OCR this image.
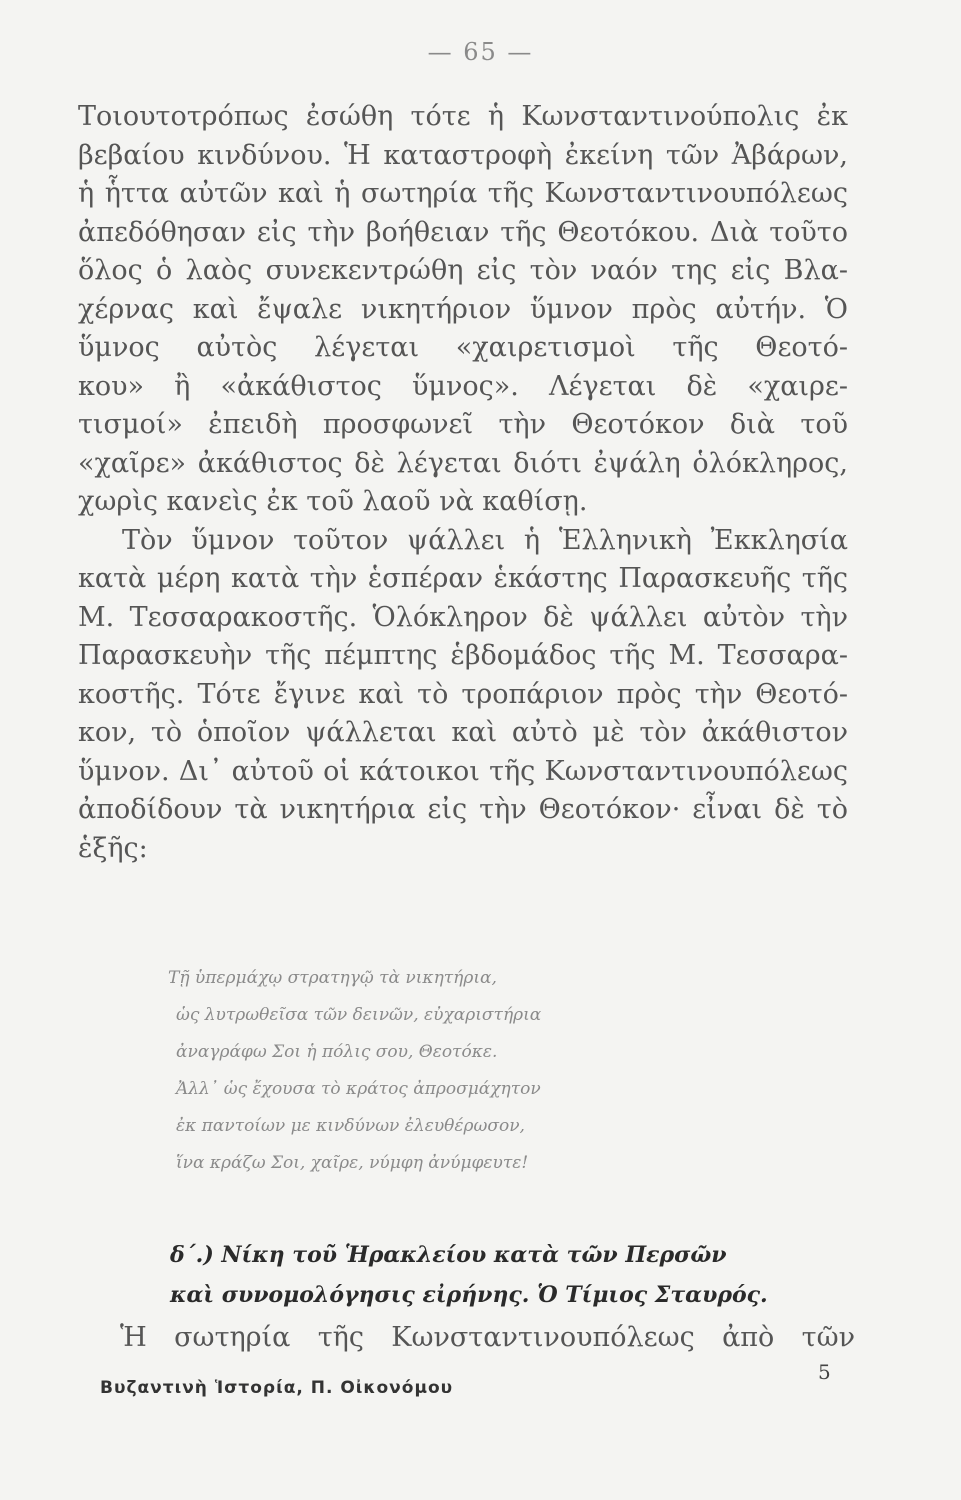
— 65 —
Τοιουτοτρόπως ἐσώθη τότε ἡ Κωνσταντινούπολις ἐκ
βεβαίου κινδύνου. Ἡ καταστροφὴ ἐκείνη τῶν Ἀβάρων,
ἡ ἧττα αὐτῶν καὶ ἡ σωτηρία τῆς Κωνσταντινουπόλεως
ἀπεδόθησαν εἰς τὴν βοήθειαν τῆς Θεοτόκου. Διὰ τοῦτο
ὅλος ὁ λαὸς συνεκεντρώθη εἰς τὸν ναόν της εἰς Βλα-
χέρνας καὶ ἔψαλε νικητήριον ὕμνον πρὸς αὐτήν. Ὁ
ὕμνος αὐτὸς λέγεται «χαιρετισμοὶ τῆς Θεοτό-
κου» ἢ «ἀκάθιστος ὕμνος». Λέγεται δὲ «χαιρε-
τισμοί» ἐπειδὴ προσφωνεῖ τὴν Θεοτόκον διὰ τοῦ
«χαῖρε» ἀκάθιστος δὲ λέγεται διότι ἐψάλη ὁλόκληρος,
χωρὶς κανεὶς ἐκ τοῦ λαοῦ νὰ καθίσῃ.
Τὸν ὕμνον τοῦτον ψάλλει ἡ Ἑλληνικὴ Ἐκκλησία
κατὰ μέρη κατὰ τὴν ἑσπέραν ἑκάστης Παρασκευῆς τῆς
Μ. Τεσσαρακοστῆς. Ὁλόκληρον δὲ ψάλλει αὐτὸν τὴν
Παρασκευὴν τῆς πέμπτης ἑβδομάδος τῆς Μ. Τεσσαρα-
κοστῆς. Τότε ἔγινε καὶ τὸ τροπάριον πρὸς τὴν Θεοτό-
κον, τὸ ὁποῖον ψάλλεται καὶ αὐτὸ μὲ τὸν ἀκάθιστον
ὕμνον. Δι᾽ αὐτοῦ οἱ κάτοικοι τῆς Κωνσταντινουπόλεως
ἀποδίδουν τὰ νικητήρια εἰς τὴν Θεοτόκον· εἶναι δὲ τὸ
ἑξῆς:
Τῇ ὑπερμάχῳ στρατηγῷ τὰ νικητήρια,
ὡς λυτρωθεῖσα τῶν δεινῶν, εὐχαριστήρια
ἀναγράφω Σοι ἡ πόλις σου, Θεοτόκε.
Ἀλλ᾽ ὡς ἔχουσα τὸ κράτος ἀπροσμάχητον
ἐκ παντοίων με κινδύνων ἐλευθέρωσον,
ἵνα κράζω Σοι, χαῖρε, νύμφη ἀνύμφευτε!
δ΄.) Νίκη τοῦ Ἡρακλείου κατὰ τῶν Περσῶν
καὶ συνομολόγησις εἰρήνης. Ὁ Τίμιος Σταυρός.
Ἡ σωτηρία τῆς Κωνσταντινουπόλεως ἀπὸ τῶν
Βυζαντινὴ Ἱστορία, Π. Οἰκονόμου
5
